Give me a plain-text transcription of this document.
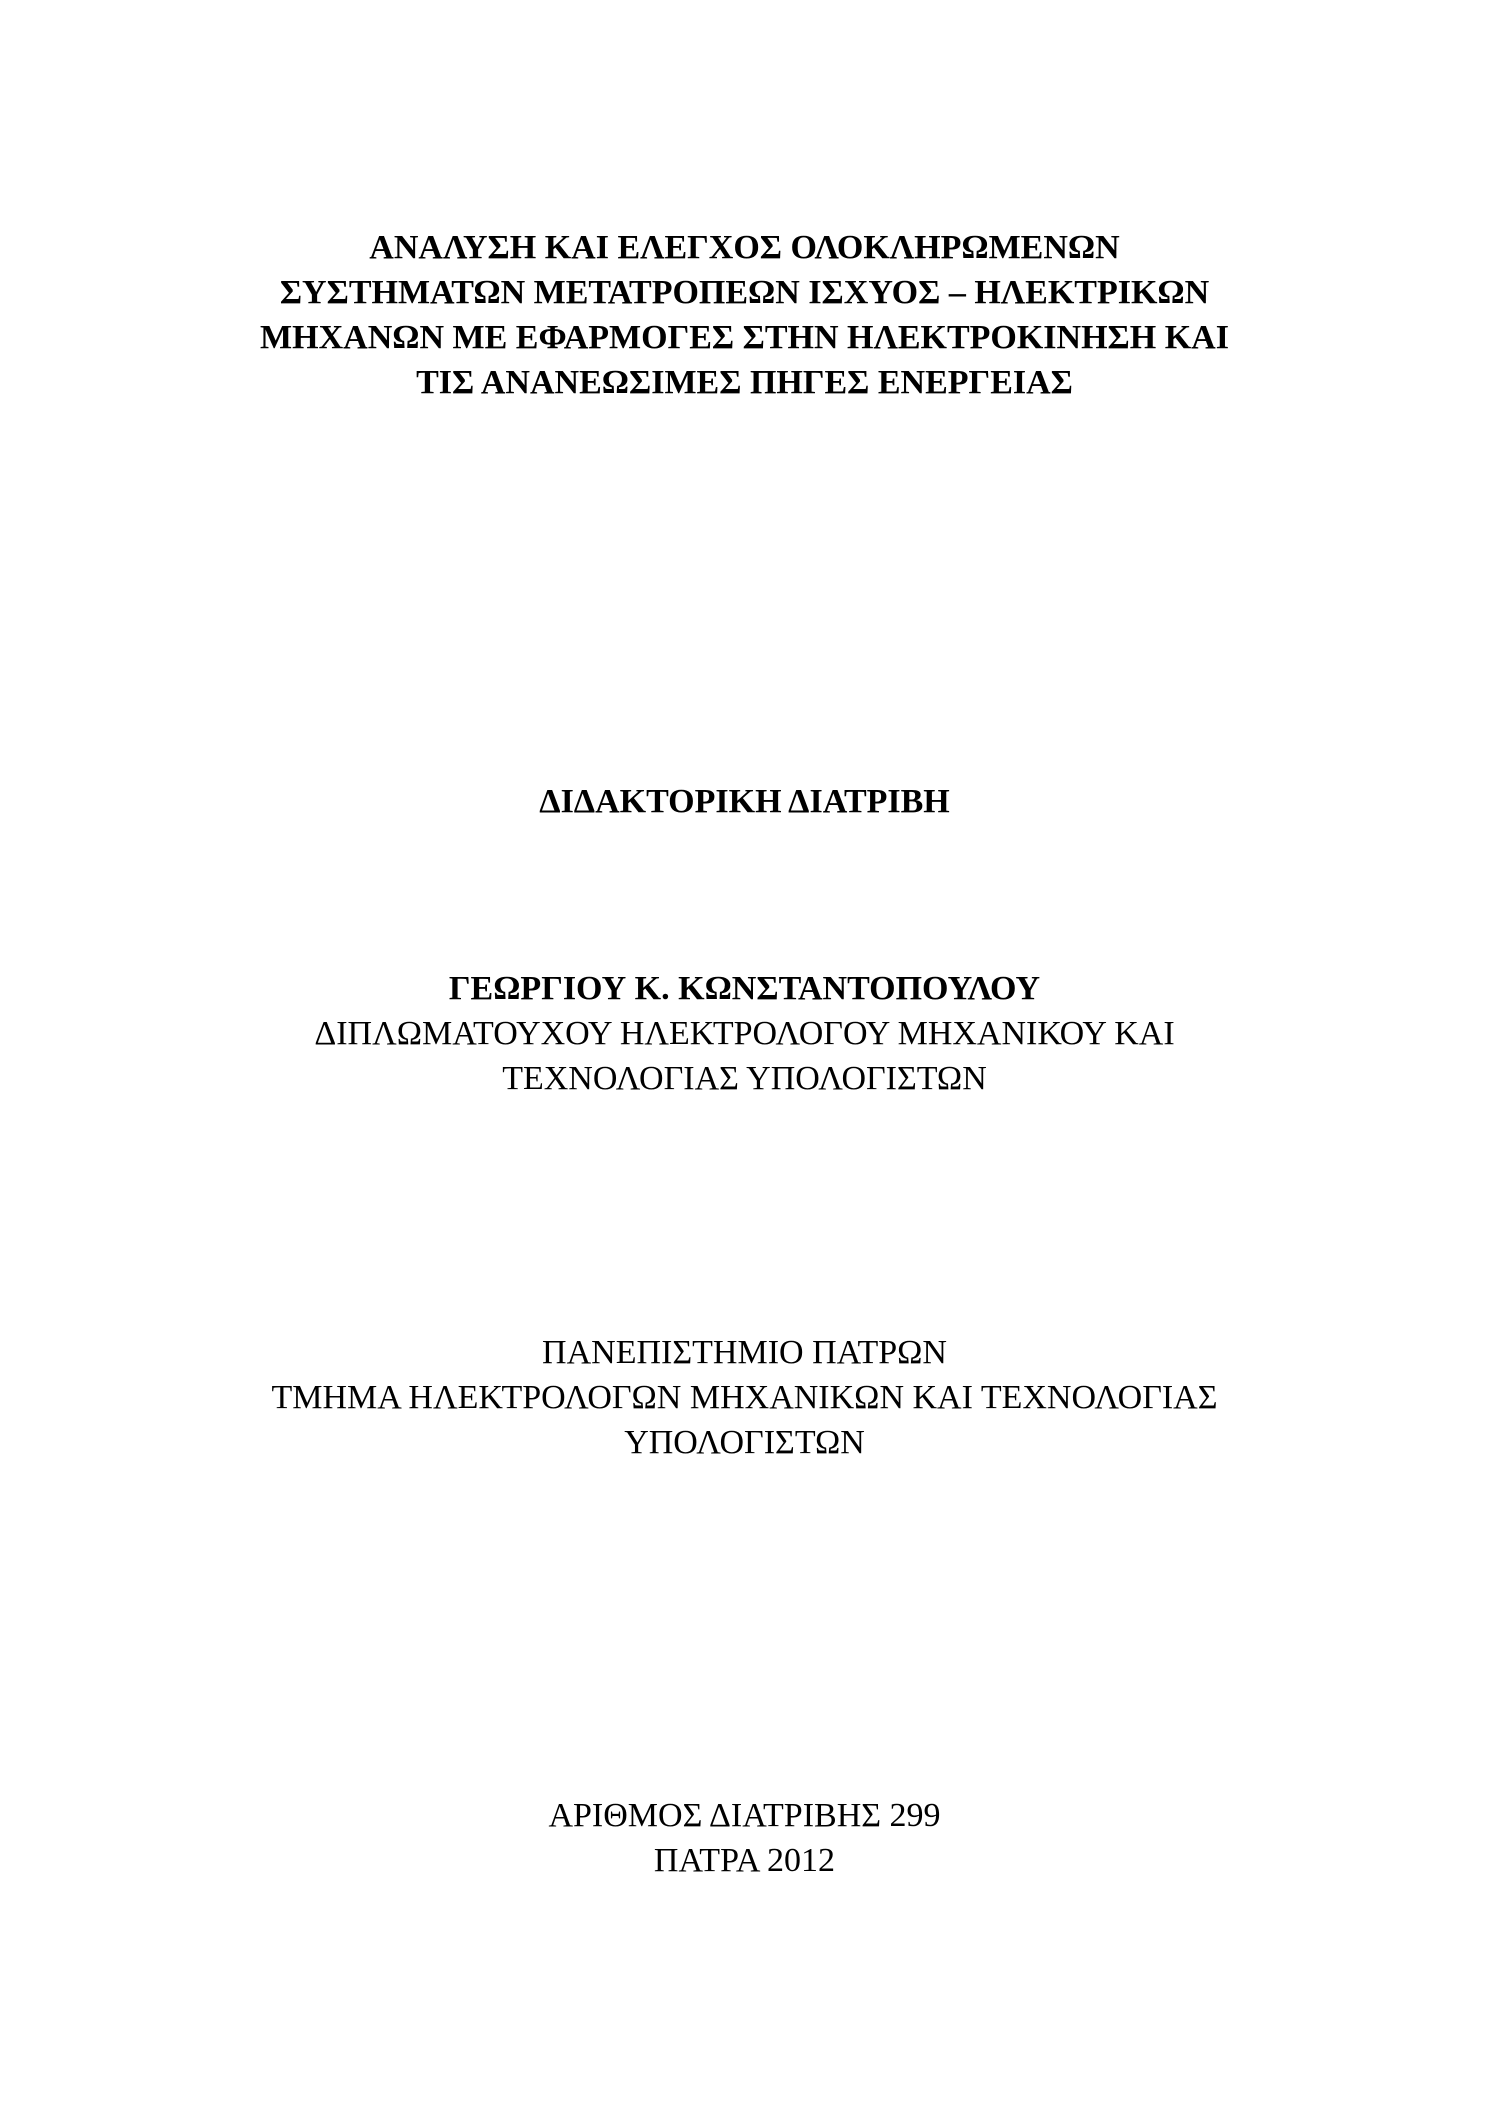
ΑΝΑΛΥΣΗ ΚΑΙ ΕΛΕΓΧΟΣ ΟΛΟΚΛΗΡΩΜΕΝΩΝ
ΣΥΣΤΗΜΑΤΩΝ ΜΕΤΑΤΡΟΠΕΩΝ ΙΣΧΥΟΣ – ΗΛΕΚΤΡΙΚΩΝ
ΜΗΧΑΝΩΝ ΜΕ ΕΦΑΡΜΟΓΕΣ ΣΤΗΝ ΗΛΕΚΤΡΟΚΙΝΗΣΗ ΚΑΙ
ΤΙΣ ΑΝΑΝΕΩΣΙΜΕΣ ΠΗΓΕΣ ΕΝΕΡΓΕΙΑΣ
ΔΙΔΑΚΤΟΡΙΚΗ ΔΙΑΤΡΙΒΗ
ΓΕΩΡΓΙΟΥ Κ. ΚΩΝΣΤΑΝΤΟΠΟΥΛΟΥ
ΔΙΠΛΩΜΑΤΟΥΧΟΥ ΗΛΕΚΤΡΟΛΟΓΟΥ ΜΗΧΑΝΙΚΟΥ ΚΑΙ
ΤΕΧΝΟΛΟΓΙΑΣ ΥΠΟΛΟΓΙΣΤΩΝ
ΠΑΝΕΠΙΣΤΗΜΙΟ ΠΑΤΡΩΝ
ΤΜΗΜΑ ΗΛΕΚΤΡΟΛΟΓΩΝ ΜΗΧΑΝΙΚΩΝ ΚΑΙ ΤΕΧΝΟΛΟΓΙΑΣ
ΥΠΟΛΟΓΙΣΤΩΝ
ΑΡΙΘΜΟΣ ΔΙΑΤΡΙΒΗΣ 299
ΠΑΤΡΑ 2012
